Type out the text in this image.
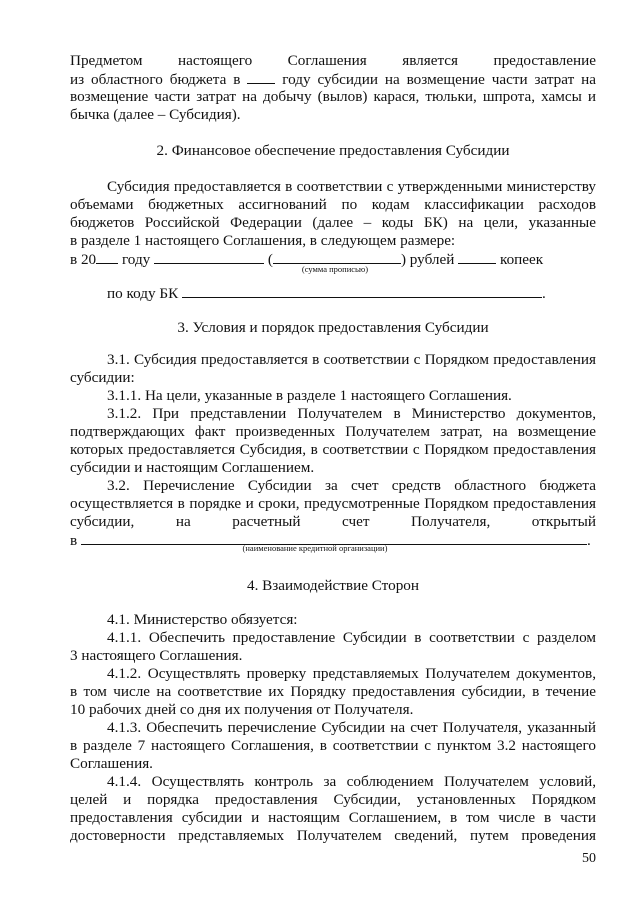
Предметом настоящего Соглашения является предоставление
из областного бюджета в	году субсидии на возмещение части затрат на
возмещение части затрат на добычу (вылов) карася, тюльки, шпрота, хамсы и
бычка (далее – Субсидия).
2. Финансовое обеспечение предоставления Субсидии
Субсидия предоставляется в соответствии с утвержденными министерству
объемами бюджетных ассигнований по кодам классификации расходов
бюджетов Российской Федерации (далее – коды БК) на цели, указанные
в разделе 1 настоящего Соглашения, в следующем размере:
в 20 году	(	) рублей	копеек
(сумма прописью)
по коду БК	.
3. Условия и порядок предоставления Субсидии
3.1. Субсидия предоставляется в соответствии с Порядком предоставления
субсидии:
3.1.1. На цели, указанные в разделе 1 настоящего Соглашения.
3.1.2. При представлении Получателем в Министерство документов,
подтверждающих факт произведенных Получателем затрат, на возмещение
которых предоставляется Субсидия, в соответствии с Порядком предоставления
субсидии и настоящим Соглашением.
3.2. Перечисление Субсидии за счет средств областного бюджета
осуществляется в порядке и сроки, предусмотренные Порядком предоставления
субсидии, на расчетный счет Получателя, открытый
в	.
(наименование кредитной организации)
4. Взаимодействие Сторон
4.1. Министерство обязуется:
4.1.1. Обеспечить предоставление Субсидии в соответствии с разделом
3 настоящего Соглашения.
4.1.2. Осуществлять проверку представляемых Получателем документов,
в том числе на соответствие их Порядку предоставления субсидии, в течение
10 рабочих дней со дня их получения от Получателя.
4.1.3. Обеспечить перечисление Субсидии на счет Получателя, указанный
в разделе 7 настоящего Соглашения, в соответствии с пунктом 3.2 настоящего
Соглашения.
4.1.4. Осуществлять контроль за соблюдением Получателем условий,
целей и порядка предоставления Субсидии, установленных Порядком
предоставления субсидии и настоящим Соглашением, в том числе в части
достоверности представляемых Получателем сведений, путем проведения
50
